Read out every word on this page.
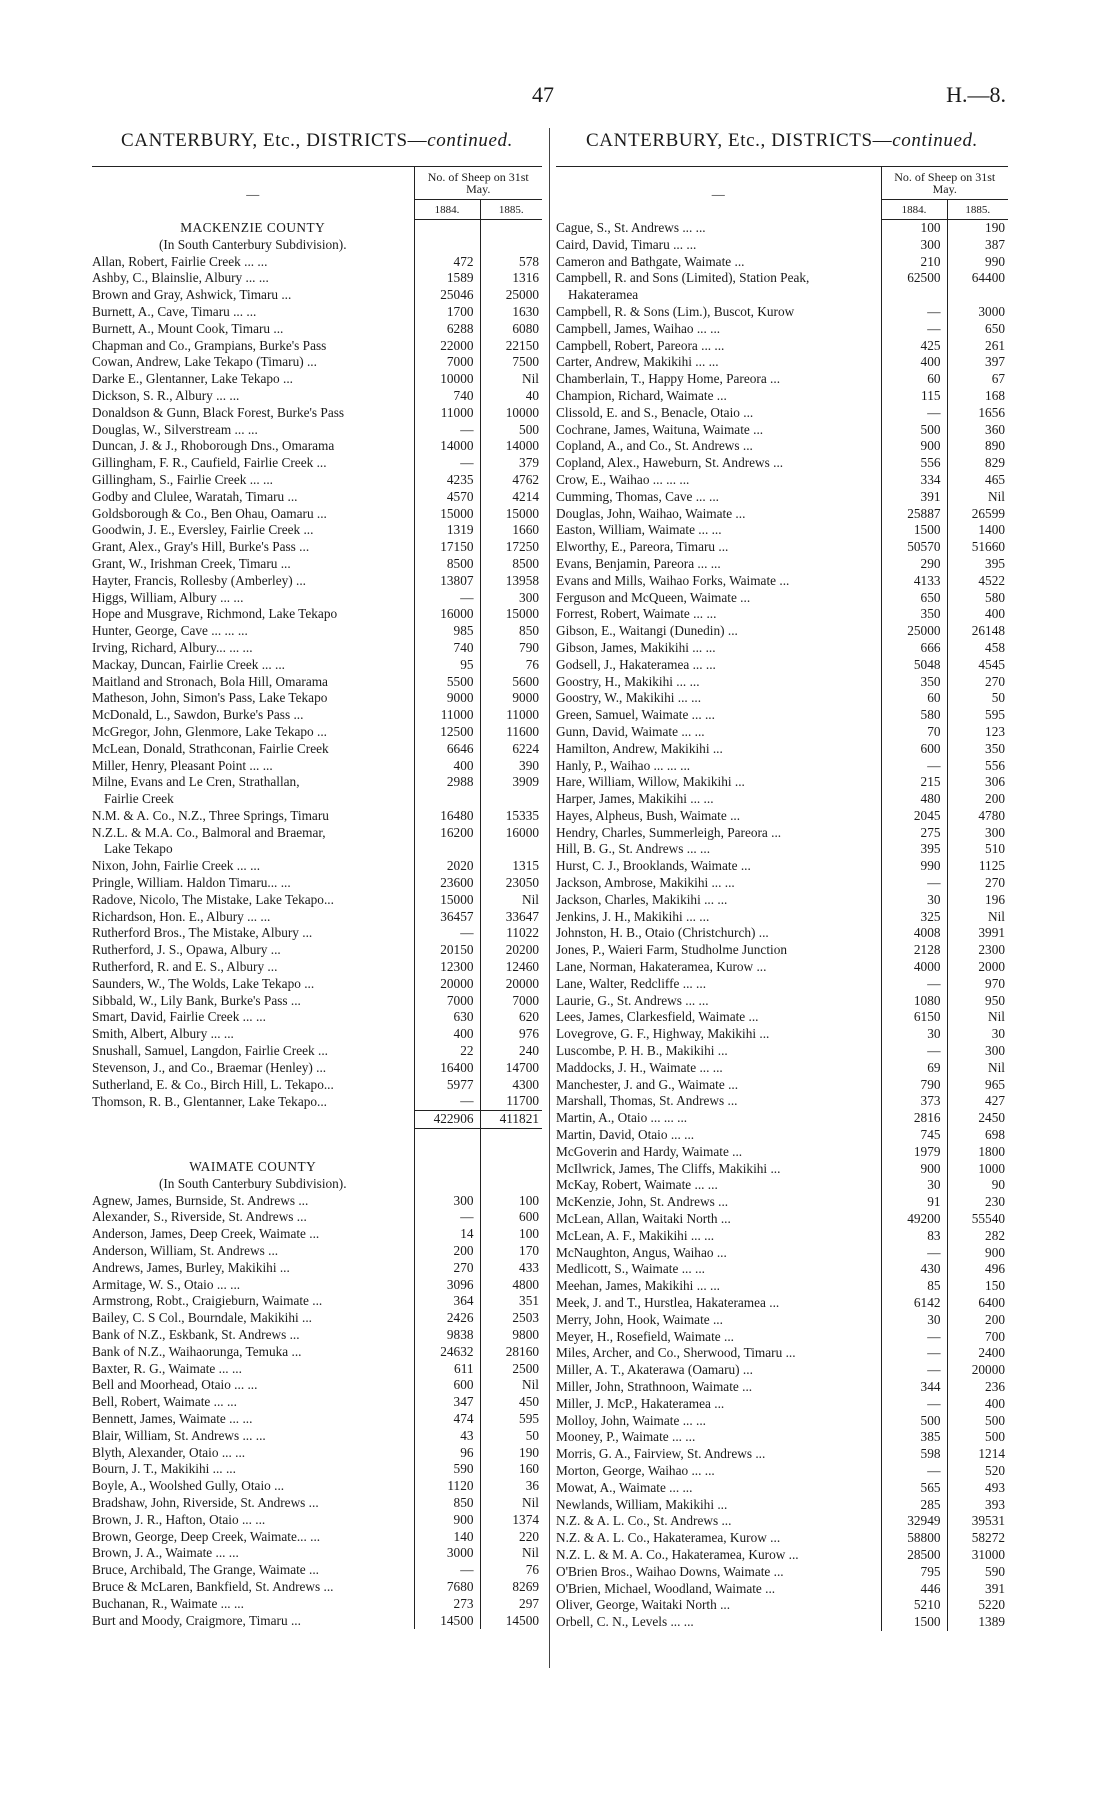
47	H.—8.
CANTERBURY, Etc., DISTRICTS—continued.
—	No. of Sheep on 31st May.	
	1884.	1885.
MACKENZIE COUNTY		
(In South Canterbury Subdivision).		
Allan, Robert, Fairlie Creek ... ...	472	578
Ashby, C., Blainslie, Albury ... ...	1589	1316
Brown and Gray, Ashwick, Timaru ...	25046	25000
Burnett, A., Cave, Timaru ... ...	1700	1630
Burnett, A., Mount Cook, Timaru ...	6288	6080
Chapman and Co., Grampians, Burke's Pass	22000	22150
Cowan, Andrew, Lake Tekapo (Timaru) ...	7000	7500
Darke E., Glentanner, Lake Tekapo ...	10000	Nil
Dickson, S. R., Albury ... ...	740	40
Donaldson & Gunn, Black Forest, Burke's Pass	11000	10000
Douglas, W., Silverstream ... ...	—	500
Duncan, J. & J., Rhoborough Dns., Omarama	14000	14000
Gillingham, F. R., Caufield, Fairlie Creek ...	—	379
Gillingham, S., Fairlie Creek ... ...	4235	4762
Godby and Clulee, Waratah, Timaru ...	4570	4214
Goldsborough & Co., Ben Ohau, Oamaru ...	15000	15000
Goodwin, J. E., Eversley, Fairlie Creek ...	1319	1660
Grant, Alex., Gray's Hill, Burke's Pass ...	17150	17250
Grant, W., Irishman Creek, Timaru ...	8500	8500
Hayter, Francis, Rollesby (Amberley) ...	13807	13958
Higgs, William, Albury ... ...	—	300
Hope and Musgrave, Richmond, Lake Tekapo	16000	15000
Hunter, George, Cave ... ... ...	985	850
Irving, Richard, Albury... ... ...	740	790
Mackay, Duncan, Fairlie Creek ... ...	95	76
Maitland and Stronach, Bola Hill, Omarama	5500	5600
Matheson, John, Simon's Pass, Lake Tekapo	9000	9000
McDonald, L., Sawdon, Burke's Pass ...	11000	11000
McGregor, John, Glenmore, Lake Tekapo ...	12500	11600
McLean, Donald, Strathconan, Fairlie Creek	6646	6224
Miller, Henry, Pleasant Point ... ...	400	390
Milne, Evans and Le Cren, Strathallan,	2988	3909
Fairlie Creek		
N.M. & A. Co., N.Z., Three Springs, Timaru	16480	15335
N.Z.L. & M.A. Co., Balmoral and Braemar,	16200	16000
Lake Tekapo		
Nixon, John, Fairlie Creek ... ...	2020	1315
Pringle, William. Haldon Timaru... ...	23600	23050
Radove, Nicolo, The Mistake, Lake Tekapo...	15000	Nil
Richardson, Hon. E., Albury ... ...	36457	33647
Rutherford Bros., The Mistake, Albury ...	—	11022
Rutherford, J. S., Opawa, Albury ...	20150	20200
Rutherford, R. and E. S., Albury ...	12300	12460
Saunders, W., The Wolds, Lake Tekapo ...	20000	20000
Sibbald, W., Lily Bank, Burke's Pass ...	7000	7000
Smart, David, Fairlie Creek ... ...	630	620
Smith, Albert, Albury ... ...	400	976
Snushall, Samuel, Langdon, Fairlie Creek ...	22	240
Stevenson, J., and Co., Braemar (Henley) ...	16400	14700
Sutherland, E. & Co., Birch Hill, L. Tekapo...	5977	4300
Thomson, R. B., Glentanner, Lake Tekapo...	—	11700
	422906	411821

WAIMATE COUNTY		
(In South Canterbury Subdivision).		
Agnew, James, Burnside, St. Andrews ...	300	100
Alexander, S., Riverside, St. Andrews ...	—	600
Anderson, James, Deep Creek, Waimate ...	14	100
Anderson, William, St. Andrews ...	200	170
Andrews, James, Burley, Makikihi ...	270	433
Armitage, W. S., Otaio ... ...	3096	4800
Armstrong, Robt., Craigieburn, Waimate ...	364	351
Bailey, C. S Col., Bourndale, Makikihi ...	2426	2503
Bank of N.Z., Eskbank, St. Andrews ...	9838	9800
Bank of N.Z., Waihaorunga, Temuka ...	24632	28160
Baxter, R. G., Waimate ... ...	611	2500
Bell and Moorhead, Otaio ... ...	600	Nil
Bell, Robert, Waimate ... ...	347	450
Bennett, James, Waimate ... ...	474	595
Blair, William, St. Andrews ... ...	43	50
Blyth, Alexander, Otaio ... ...	96	190
Bourn, J. T., Makikihi ... ...	590	160
Boyle, A., Woolshed Gully, Otaio ...	1120	36
Bradshaw, John, Riverside, St. Andrews ...	850	Nil
Brown, J. R., Hafton, Otaio ... ...	900	1374
Brown, George, Deep Creek, Waimate... ...	140	220
Brown, J. A., Waimate ... ...	3000	Nil
Bruce, Archibald, The Grange, Waimate ...	—	76
Bruce & McLaren, Bankfield, St. Andrews ...	7680	8269
Buchanan, R., Waimate ... ...	273	297
Burt and Moody, Craigmore, Timaru ...	14500	14500
CANTERBURY, Etc., DISTRICTS—continued.
—	No. of Sheep on 31st May.	
	1884.	1885.
Cague, S., St. Andrews ... ...	100	190
Caird, David, Timaru ... ...	300	387
Cameron and Bathgate, Waimate ...	210	990
Campbell, R. and Sons (Limited), Station Peak,	62500	64400
Hakateramea		
Campbell, R. & Sons (Lim.), Buscot, Kurow	—	3000
Campbell, James, Waihao ... ...	—	650
Campbell, Robert, Pareora ... ...	425	261
Carter, Andrew, Makikihi ... ...	400	397
Chamberlain, T., Happy Home, Pareora ...	60	67
Champion, Richard, Waimate ...	115	168
Clissold, E. and S., Benacle, Otaio ...	—	1656
Cochrane, James, Waituna, Waimate ...	500	360
Copland, A., and Co., St. Andrews ...	900	890
Copland, Alex., Haweburn, St. Andrews ...	556	829
Crow, E., Waihao ... ... ...	334	465
Cumming, Thomas, Cave ... ...	391	Nil
Douglas, John, Waihao, Waimate ...	25887	26599
Easton, William, Waimate ... ...	1500	1400
Elworthy, E., Pareora, Timaru ...	50570	51660
Evans, Benjamin, Pareora ... ...	290	395
Evans and Mills, Waihao Forks, Waimate ...	4133	4522
Ferguson and McQueen, Waimate ...	650	580
Forrest, Robert, Waimate ... ...	350	400
Gibson, E., Waitangi (Dunedin) ...	25000	26148
Gibson, James, Makikihi ... ...	666	458
Godsell, J., Hakateramea ... ...	5048	4545
Goostry, H., Makikihi ... ...	350	270
Goostry, W., Makikihi ... ...	60	50
Green, Samuel, Waimate ... ...	580	595
Gunn, David, Waimate ... ...	70	123
Hamilton, Andrew, Makikihi ...	600	350
Hanly, P., Waihao ... ... ...	—	556
Hare, William, Willow, Makikihi ...	215	306
Harper, James, Makikihi ... ...	480	200
Hayes, Alpheus, Bush, Waimate ...	2045	4780
Hendry, Charles, Summerleigh, Pareora ...	275	300
Hill, B. G., St. Andrews ... ...	395	510
Hurst, C. J., Brooklands, Waimate ...	990	1125
Jackson, Ambrose, Makikihi ... ...	—	270
Jackson, Charles, Makikihi ... ...	30	196
Jenkins, J. H., Makikihi ... ...	325	Nil
Johnston, H. B., Otaio (Christchurch) ...	4008	3991
Jones, P., Waieri Farm, Studholme Junction	2128	2300
Lane, Norman, Hakateramea, Kurow ...	4000	2000
Lane, Walter, Redcliffe ... ...	—	970
Laurie, G., St. Andrews ... ...	1080	950
Lees, James, Clarkesfield, Waimate ...	6150	Nil
Lovegrove, G. F., Highway, Makikihi ...	30	30
Luscombe, P. H. B., Makikihi ...	—	300
Maddocks, J. H., Waimate ... ...	69	Nil
Manchester, J. and G., Waimate ...	790	965
Marshall, Thomas, St. Andrews ...	373	427
Martin, A., Otaio ... ... ...	2816	2450
Martin, David, Otaio ... ...	745	698
McGoverin and Hardy, Waimate ...	1979	1800
McIlwrick, James, The Cliffs, Makikihi ...	900	1000
McKay, Robert, Waimate ... ...	30	90
McKenzie, John, St. Andrews ...	91	230
McLean, Allan, Waitaki North ...	49200	55540
McLean, A. F., Makikihi ... ...	83	282
McNaughton, Angus, Waihao ...	—	900
Medlicott, S., Waimate ... ...	430	496
Meehan, James, Makikihi ... ...	85	150
Meek, J. and T., Hurstlea, Hakateramea ...	6142	6400
Merry, John, Hook, Waimate ...	30	200
Meyer, H., Rosefield, Waimate ...	—	700
Miles, Archer, and Co., Sherwood, Timaru ...	—	2400
Miller, A. T., Akaterawa (Oamaru) ...	—	20000
Miller, John, Strathnoon, Waimate ...	344	236
Miller, J. McP., Hakateramea ...	—	400
Molloy, John, Waimate ... ...	500	500
Mooney, P., Waimate ... ...	385	500
Morris, G. A., Fairview, St. Andrews ...	598	1214
Morton, George, Waihao ... ...	—	520
Mowat, A., Waimate ... ...	565	493
Newlands, William, Makikihi ...	285	393
N.Z. & A. L. Co., St. Andrews ...	32949	39531
N.Z. & A. L. Co., Hakateramea, Kurow ...	58800	58272
N.Z. L. & M. A. Co., Hakateramea, Kurow ...	28500	31000
O'Brien Bros., Waihao Downs, Waimate ...	795	590
O'Brien, Michael, Woodland, Waimate ...	446	391
Oliver, George, Waitaki North ...	5210	5220
Orbell, C. N., Levels ... ...	1500	1389
